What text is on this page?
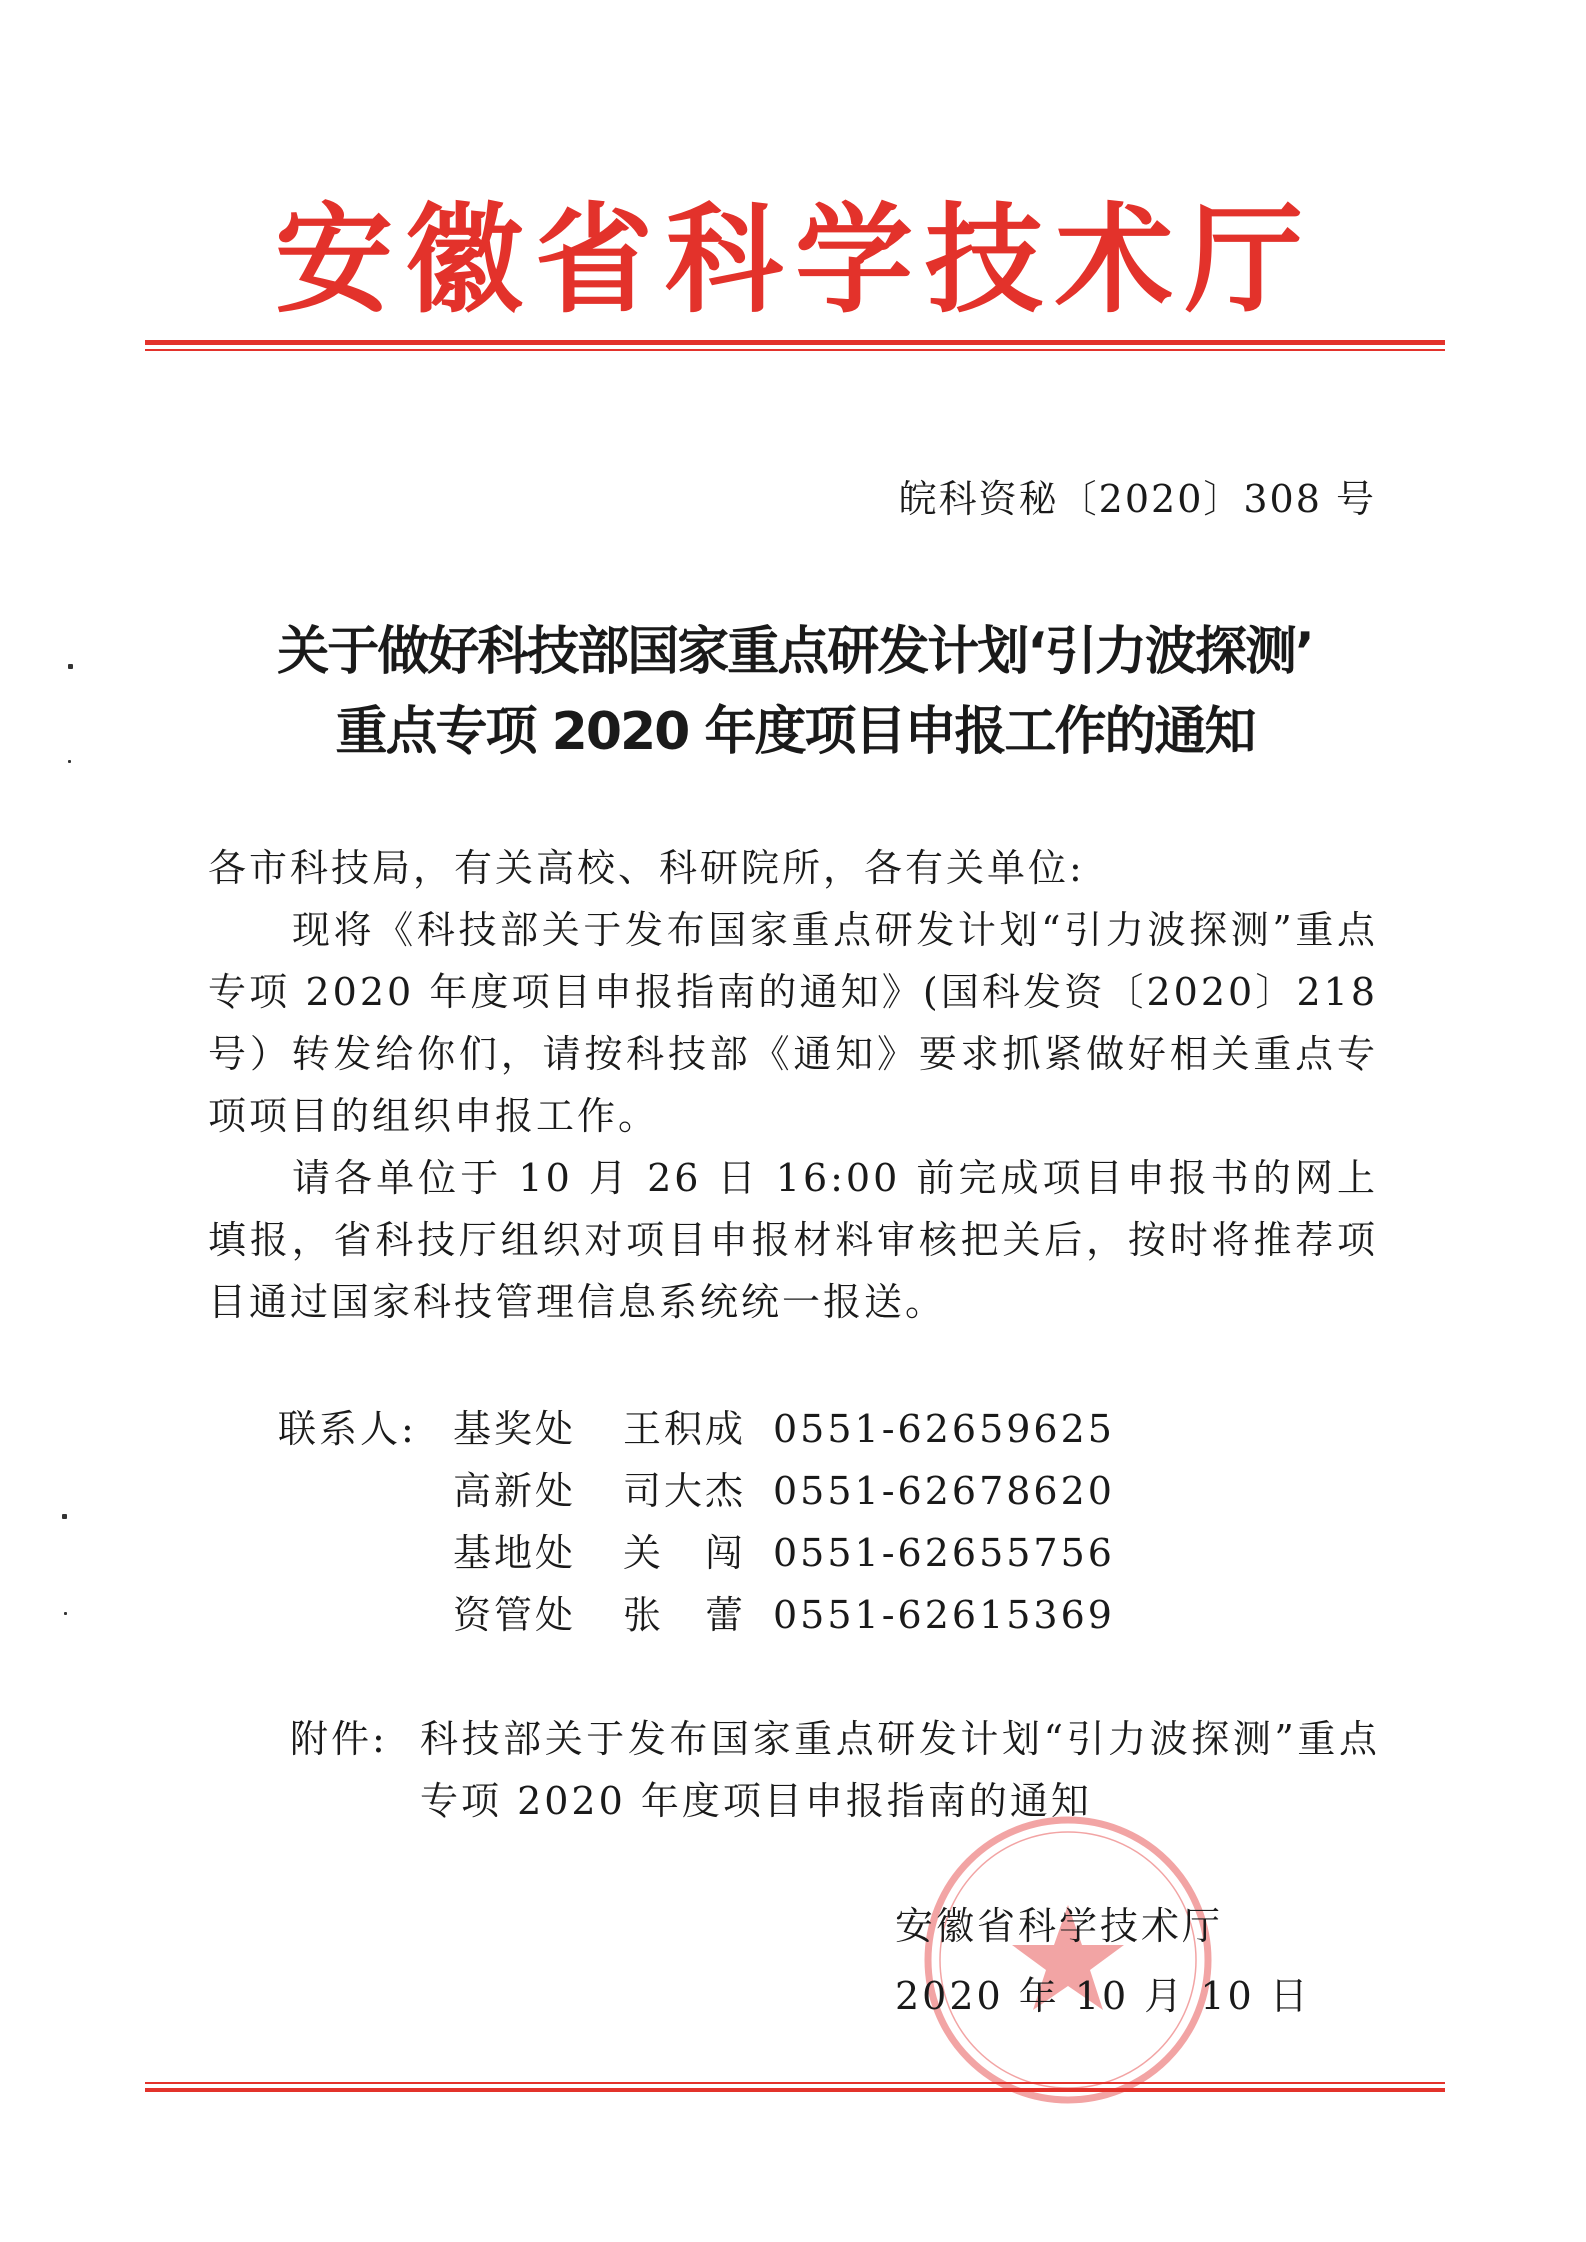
安徽省科学技术厅
皖科资秘〔2020〕308 号
关于做好科技部国家重点研发计划‘引力波探测’
重点专项 2020 年度项目申报工作的通知
各市科技局，有关高校、科研院所，各有关单位:
现将《科技部关于发布国家重点研发计划“引力波探测”重点专项 2020 年度项目申报指南的通知》(国科发资〔2020〕218 号）转发给你们，请按科技部《通知》要求抓紧做好相关重点专项项目的组织申报工作。
请各单位于 10 月 26 日 16:00 前完成项目申报书的网上填报，省科技厅组织对项目申报材料审核把关后，按时将推荐项目通过国家科技管理信息系统统一报送。
联系人: 基奖处 王积成 0551-62659625
高新处 司大杰 0551-62678620
基地处 关　闯 0551-62655756
资管处 张　蕾 0551-62615369
附件: 科技部关于发布国家重点研发计划“引力波探测”重点专项 2020 年度项目申报指南的通知
安徽省科学技术厅
2020 年 10 月 10 日
